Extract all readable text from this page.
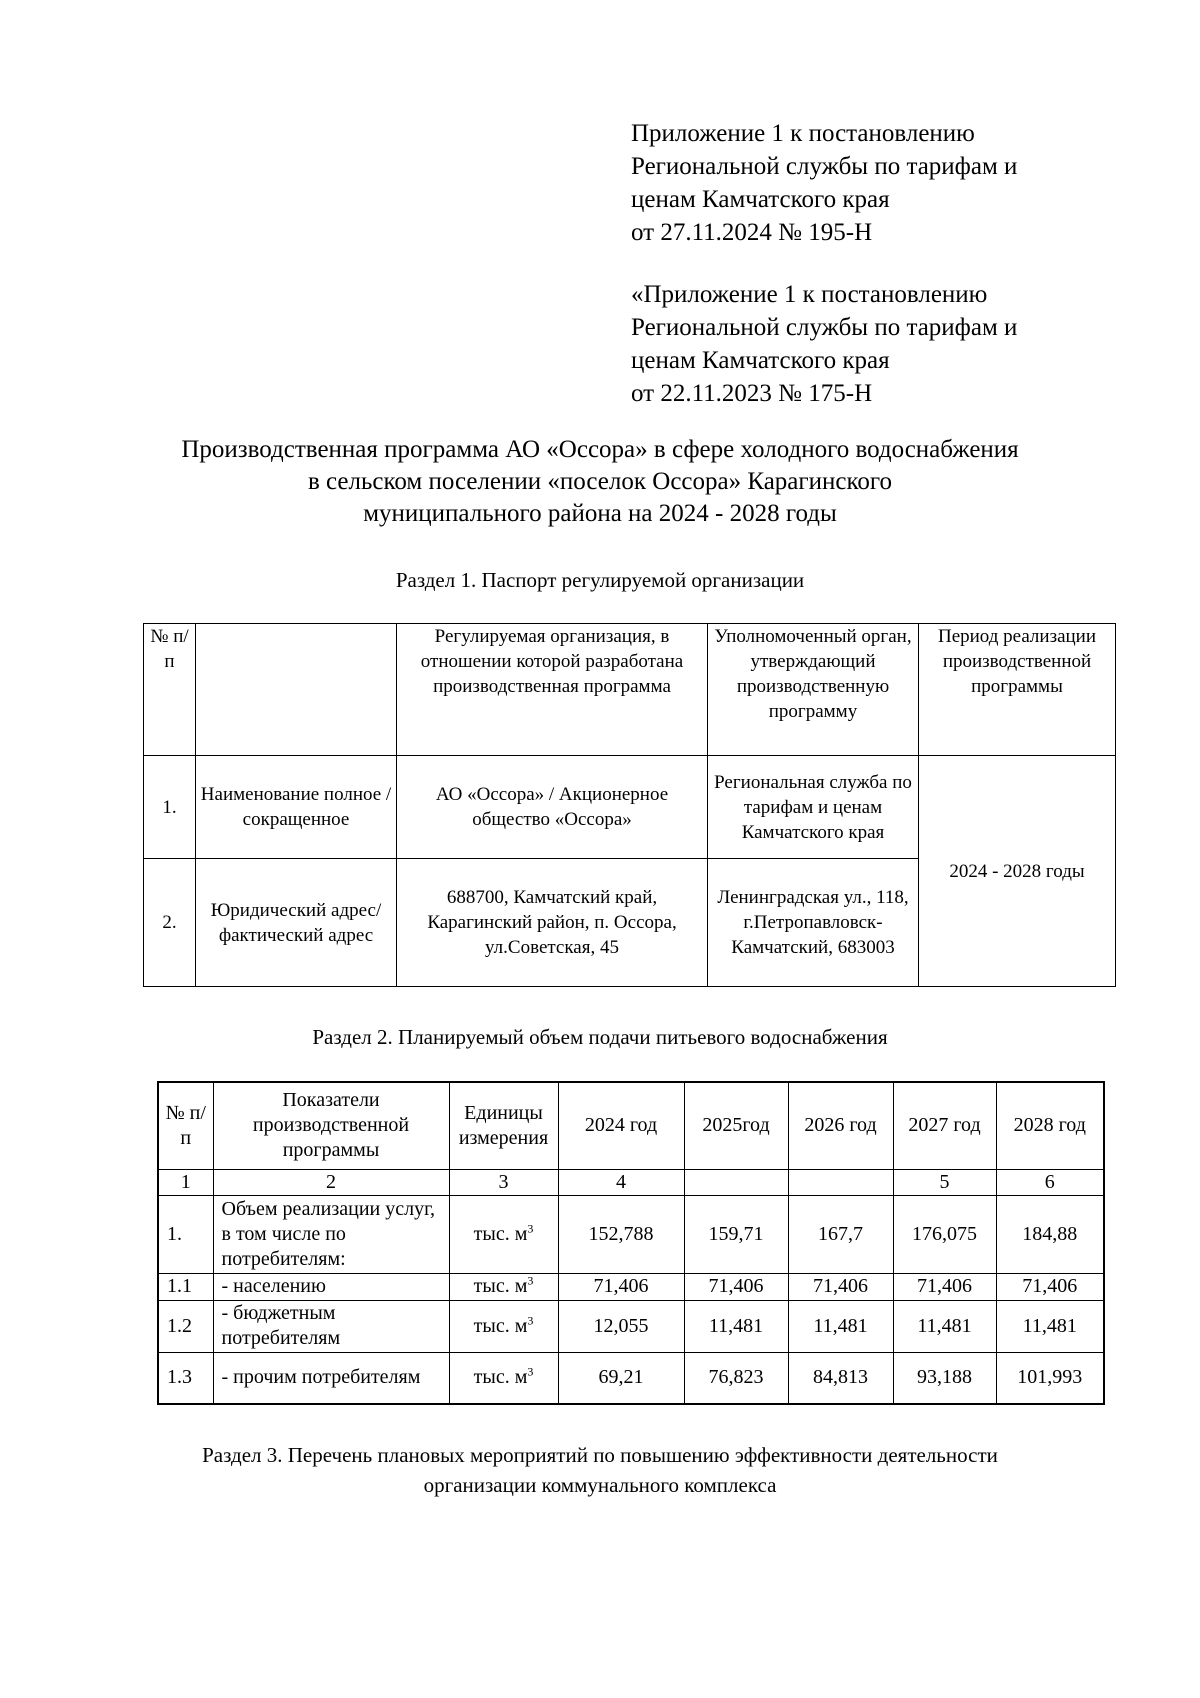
Приложение 1 к постановлению
Региональной службы по тарифам и
ценам Камчатского края
от 27.11.2024 № 195-Н
«Приложение 1 к постановлению
Региональной службы по тарифам и
ценам Камчатского края
от 22.11.2023 № 175-Н
Производственная программа АО «Оссора» в сфере холодного водоснабжения
в сельском поселении «поселок Оссора» Карагинского
муниципального района на 2024 - 2028 годы
Раздел 1. Паспорт регулируемой организации
№ п/п		Регулируемая организация, в отношении которой разработана производственная программа	Уполномоченный орган, утверждающий производственную программу	Период реализации производственной программы
1.	Наименование полное / сокращенное	АО «Оссора» / Акционерное общество «Оссора»	Региональная служба по тарифам и ценам Камчатского края	2024 - 2028 годы
2.	Юридический адрес/фактический адрес	688700, Камчатский край, Карагинский район, п. Оссора, ул.Советская, 45	Ленинградская ул., 118, г.Петропавловск-Камчатский, 683003	
Раздел 2. Планируемый объем подачи питьевого водоснабжения
№ п/п	Показатели производственной программы	Единицы измерения	2024 год	2025год	2026 год	2027 год	2028 год
1	2	3	4			5	6
1.	Объем реализации услуг, в том числе по потребителям:	тыс. $м^3$	152,788	159,71	167,7	176,075	184,88
1.1	- населению	тыс. $м^3$	71,406	71,406	71,406	71,406	71,406
1.2	- бюджетным потребителям	тыс. $м^3$	12,055	11,481	11,481	11,481	11,481
1.3	- прочим потребителям	тыс. $м^3$	69,21	76,823	84,813	93,188	101,993
Раздел 3. Перечень плановых мероприятий по повышению эффективности деятельности
организации коммунального комплекса
